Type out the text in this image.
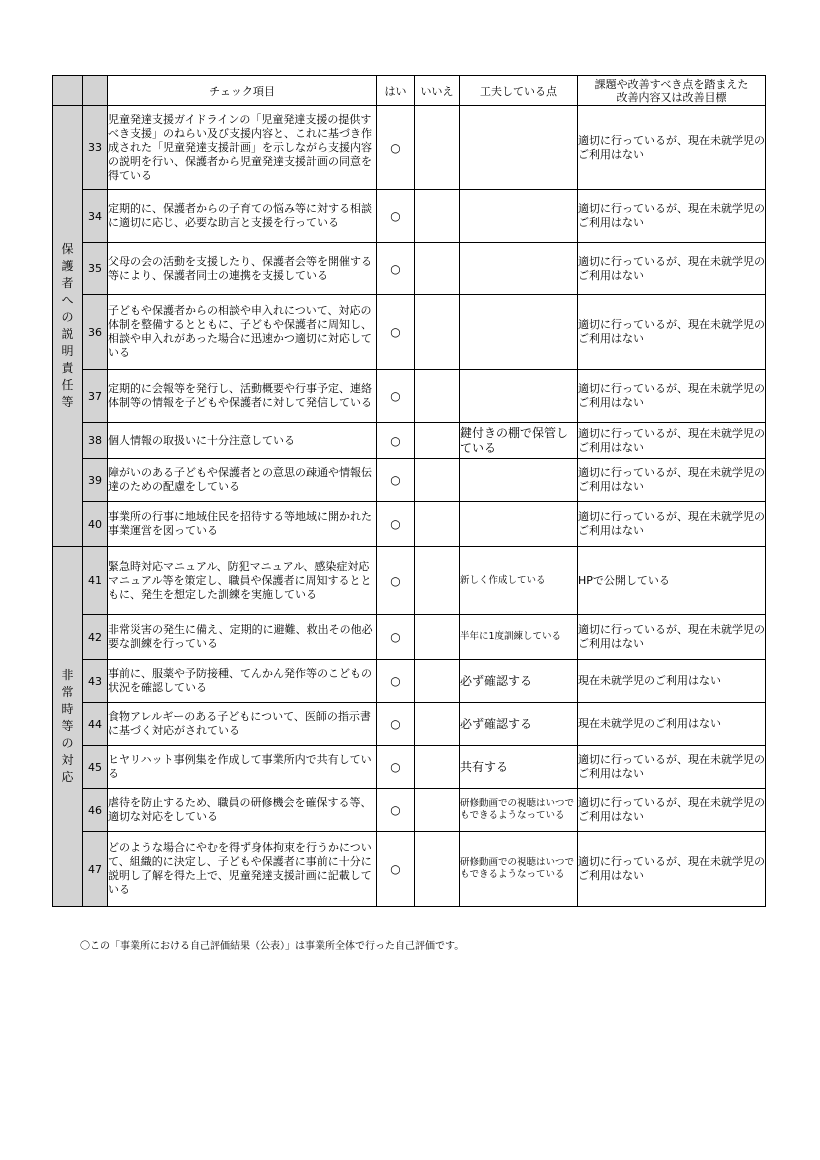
		チェック項目	はい	いいえ	工夫している点	課題や改善すべき点を踏まえた
改善内容又は改善目標

保護者への説明責任等	33	児童発達支援ガイドラインの「児童発達支援の提供すべき支援」のねらい及び支援内容と、これに基づき作成された「児童発達支援計画」を示しながら支援内容の説明を行い、保護者から児童発達支援計画の同意を得ている	○			適切に行っているが、現在未就学児のご利用はない
	34	定期的に、保護者からの子育ての悩み等に対する相談に適切に応じ、必要な助言と支援を行っている	○			適切に行っているが、現在未就学児のご利用はない
	35	父母の会の活動を支援したり、保護者会等を開催する等により、保護者同士の連携を支援している	○			適切に行っているが、現在未就学児のご利用はない
	36	子どもや保護者からの相談や申入れについて、対応の体制を整備するとともに、子どもや保護者に周知し、相談や申入れがあった場合に迅速かつ適切に対応している	○			適切に行っているが、現在未就学児のご利用はない
	37	定期的に会報等を発行し、活動概要や行事予定、連絡体制等の情報を子どもや保護者に対して発信している	○			適切に行っているが、現在未就学児のご利用はない
	38	個人情報の取扱いに十分注意している	○		鍵付きの棚で保管している	適切に行っているが、現在未就学児のご利用はない
	39	障がいのある子どもや保護者との意思の疎通や情報伝達のための配慮をしている	○			適切に行っているが、現在未就学児のご利用はない
	40	事業所の行事に地域住民を招待する等地域に開かれた事業運営を図っている	○			適切に行っているが、現在未就学児のご利用はない
非常時等の対応	41	緊急時対応マニュアル、防犯マニュアル、感染症対応マニュアル等を策定し、職員や保護者に周知するとともに、発生を想定した訓練を実施している	○		新しく作成している	HPで公開している
	42	非常災害の発生に備え、定期的に避難、救出その他必要な訓練を行っている	○		半年に1度訓練している	適切に行っているが、現在未就学児のご利用はない
	43	事前に、服薬や予防接種、てんかん発作等のこどもの状況を確認している	○		必ず確認する	現在未就学児のご利用はない
	44	食物アレルギーのある子どもについて、医師の指示書に基づく対応がされている	○		必ず確認する	現在未就学児のご利用はない
	45	ヒヤリハット事例集を作成して事業所内で共有している	○		共有する	適切に行っているが、現在未就学児のご利用はない
	46	虐待を防止するため、職員の研修機会を確保する等、適切な対応をしている	○		研修動画での視聴はいつでもできるようなっている	適切に行っているが、現在未就学児のご利用はない
	47	どのような場合にやむを得ず身体拘束を行うかについて、組織的に決定し、子どもや保護者に事前に十分に説明し了解を得た上で、児童発達支援計画に記載している	○		研修動画での視聴はいつでもできるようなっている	適切に行っているが、現在未就学児のご利用はない
〇この「事業所における自己評価結果（公表）」は事業所全体で行った自己評価です。
